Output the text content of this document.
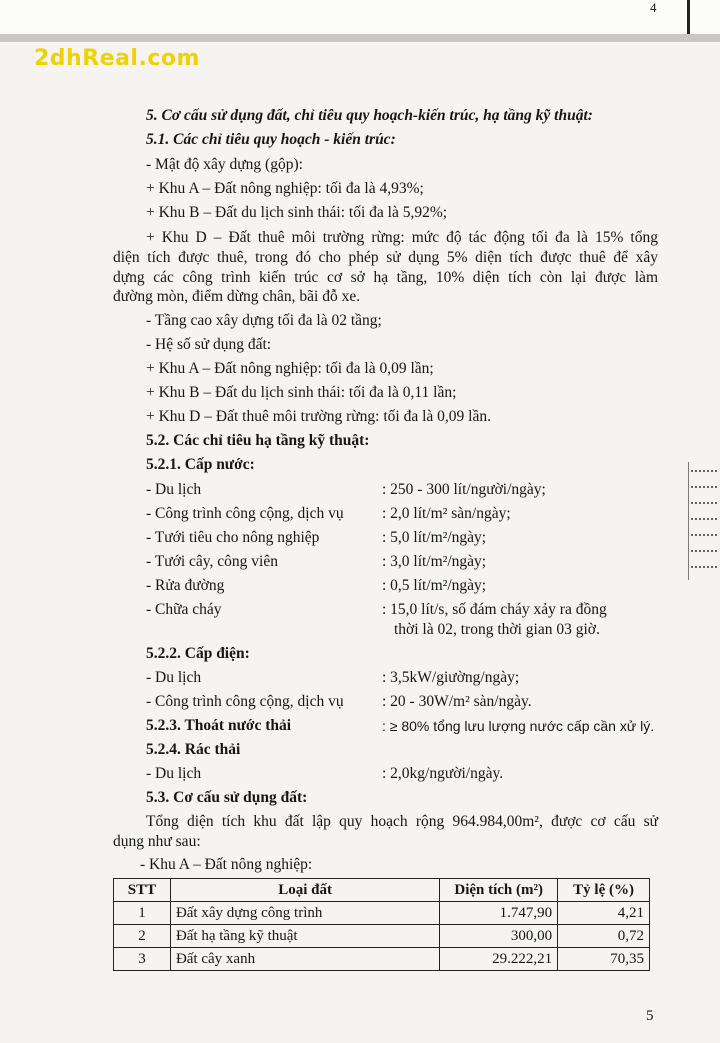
4
2dhReal.com
5. Cơ cấu sử dụng đất, chỉ tiêu quy hoạch-kiến trúc, hạ tầng kỹ thuật:
5.1. Các chỉ tiêu quy hoạch - kiến trúc:
- Mật độ xây dựng (gộp):
+ Khu A – Đất nông nghiệp: tối đa là 4,93%;
+ Khu B – Đất du lịch sinh thái: tối đa là 5,92%;
+ Khu D – Đất thuê môi trường rừng: mức độ tác động tối đa là 15% tổng
diện tích được thuê, trong đó cho phép sử dụng 5% diện tích được thuê để xây
dựng các công trình kiến trúc cơ sở hạ tầng, 10% diện tích còn lại được làm
đường mòn, điểm dừng chân, bãi đỗ xe.
- Tầng cao xây dựng tối đa là 02 tầng;
- Hệ số sử dụng đất:
+ Khu A – Đất nông nghiệp: tối đa là 0,09 lần;
+ Khu B – Đất du lịch sinh thái: tối đa là 0,11 lần;
+ Khu D – Đất thuê môi trường rừng: tối đa là 0,09 lần.
5.2. Các chỉ tiêu hạ tầng kỹ thuật:
5.2.1. Cấp nước:
- Du lịch	: 250 - 300 lít/người/ngày;
- Công trình công cộng, dịch vụ : 2,0 lít/m² sàn/ngày;
- Tưới tiêu cho nông nghiệp	: 5,0 lít/m²/ngày;
- Tưới cây, công viên	: 3,0 lít/m²/ngày;
- Rửa đường	: 0,5 lít/m²/ngày;
- Chữa cháy	: 15,0 lít/s, số đám cháy xảy ra đồng
thời là 02, trong thời gian 03 giờ.
5.2.2. Cấp điện:
- Du lịch	: 3,5kW/giường/ngày;
- Công trình công cộng, dịch vụ : 20 - 30W/m² sàn/ngày.
5.2.3. Thoát nước thải	: ≥ 80% tổng lưu lượng nước cấp cần xử lý.
5.2.4. Rác thải
- Du lịch	: 2,0kg/người/ngày.
5.3. Cơ cấu sử dụng đất:
Tổng diện tích khu đất lập quy hoạch rộng 964.984,00m², được cơ cấu sử
dụng như sau:
- Khu A – Đất nông nghiệp:
STT	Loại đất	Diện tích (m²)	Tỷ lệ (%)
1	Đất xây dựng công trình	1.747,90	4,21
2	Đất hạ tầng kỹ thuật	300,00	0,72
3	Đất cây xanh	29.222,21	70,35
5
